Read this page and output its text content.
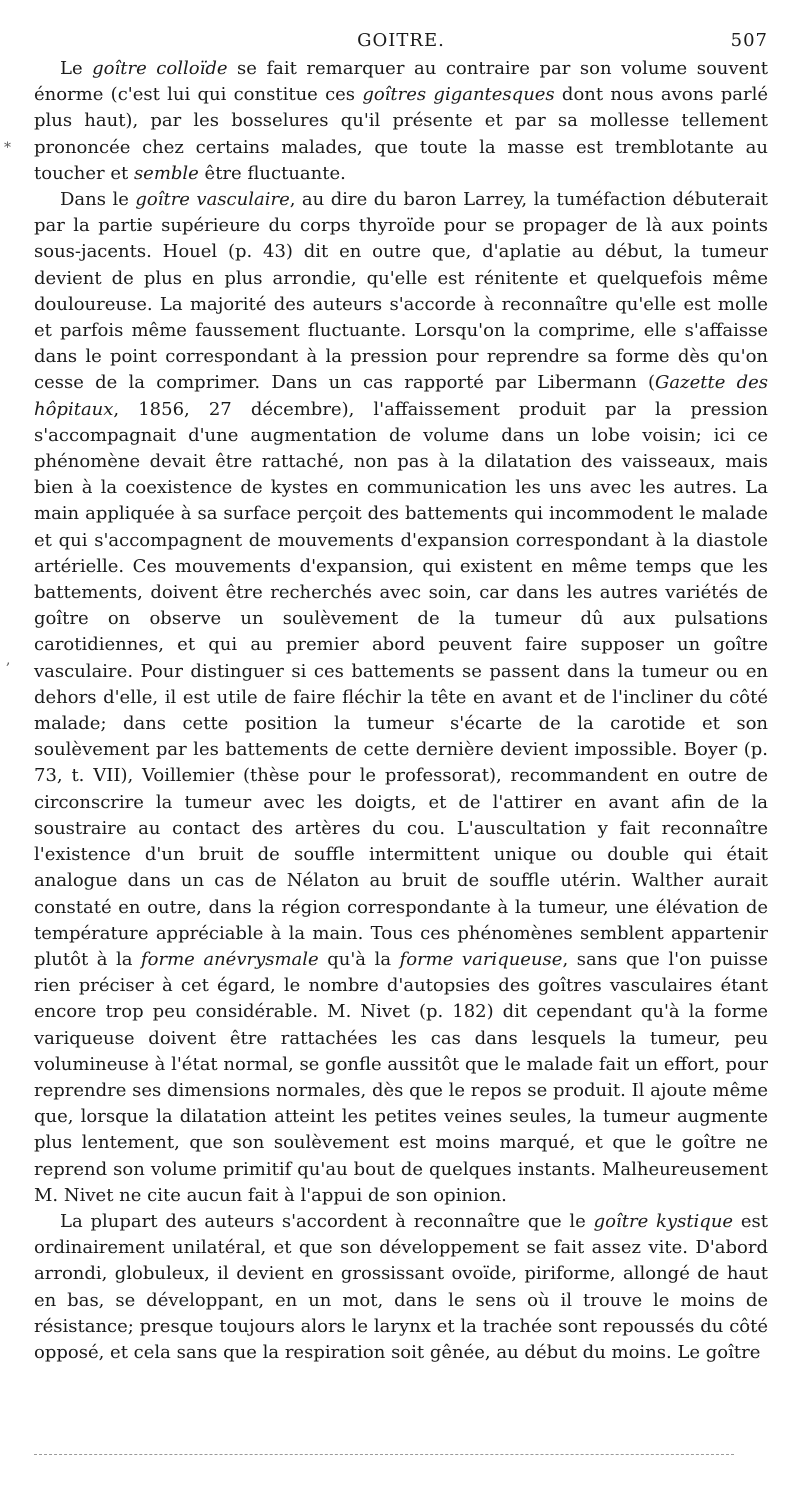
GOITRE.	507

Le goître colloïde se fait remarquer au contraire par son volume souvent énorme (c'est lui qui constitue ces goîtres gigantesques dont nous avons parlé plus haut), par les bosselures qu'il présente et par sa mollesse tellement prononcée chez certains malades, que toute la masse est tremblotante au toucher et semble être fluctuante.

Dans le goître vasculaire, au dire du baron Larrey, la tuméfaction débuterait par la partie supérieure du corps thyroïde pour se propager de là aux points sous-jacents. Houel (p. 43) dit en outre que, d'aplatie au début, la tumeur devient de plus en plus arrondie, qu'elle est rénitente et quelquefois même douloureuse. La majorité des auteurs s'accorde à reconnaître qu'elle est molle et parfois même faussement fluctuante. Lorsqu'on la comprime, elle s'affaisse dans le point correspondant à la pression pour reprendre sa forme dès qu'on cesse de la comprimer. Dans un cas rapporté par Libermann (Gazette des hôpitaux, 1856, 27 décembre), l'affaissement produit par la pression s'accompagnait d'une augmentation de volume dans un lobe voisin; ici ce phénomène devait être rattaché, non pas à la dilatation des vaisseaux, mais bien à la coexistence de kystes en communication les uns avec les autres. La main appliquée à sa surface perçoit des battements qui incommodent le malade et qui s'accompagnent de mouvements d'expansion correspondant à la diastole artérielle. Ces mouvements d'expansion, qui existent en même temps que les battements, doivent être recherchés avec soin, car dans les autres variétés de goître on observe un soulèvement de la tumeur dû aux pulsations carotidiennes, et qui au premier abord peuvent faire supposer un goître vasculaire. Pour distinguer si ces battements se passent dans la tumeur ou en dehors d'elle, il est utile de faire fléchir la tête en avant et de l'incliner du côté malade; dans cette position la tumeur s'écarte de la carotide et son soulèvement par les battements de cette dernière devient impossible. Boyer (p. 73, t. VII), Voillemier (thèse pour le professorat), recommandent en outre de circonscrire la tumeur avec les doigts, et de l'attirer en avant afin de la soustraire au contact des artères du cou. L'auscultation y fait reconnaître l'existence d'un bruit de souffle intermittent unique ou double qui était analogue dans un cas de Nélaton au bruit de souffle utérin. Walther aurait constaté en outre, dans la région correspondante à la tumeur, une élévation de température appréciable à la main. Tous ces phénomènes semblent appartenir plutôt à la forme anévrysmale qu'à la forme variqueuse, sans que l'on puisse rien préciser à cet égard, le nombre d'autopsies des goîtres vasculaires étant encore trop peu considérable. M. Nivet (p. 182) dit cependant qu'à la forme variqueuse doivent être rattachées les cas dans lesquels la tumeur, peu volumineuse à l'état normal, se gonfle aussitôt que le malade fait un effort, pour reprendre ses dimensions normales, dès que le repos se produit. Il ajoute même que, lorsque la dilatation atteint les petites veines seules, la tumeur augmente plus lentement, que son soulèvement est moins marqué, et que le goître ne reprend son volume primitif qu'au bout de quelques instants. Malheureusement M. Nivet ne cite aucun fait à l'appui de son opinion.

La plupart des auteurs s'accordent à reconnaître que le goître kystique est ordinairement unilatéral, et que son développement se fait assez vite. D'abord arrondi, globuleux, il devient en grossissant ovoïde, piriforme, allongé de haut en bas, se développant, en un mot, dans le sens où il trouve le moins de résistance; presque toujours alors le larynx et la trachée sont repoussés du côté opposé, et cela sans que la respiration soit gênée, au début du moins. Le goître

*
,
